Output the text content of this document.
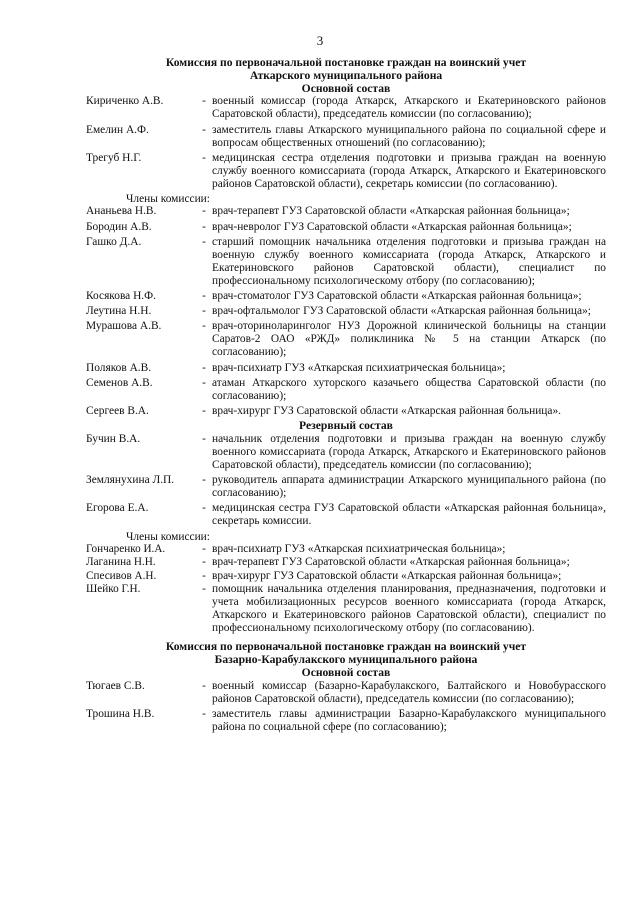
3
Комиссия по первоначальной постановке граждан на воинский учет
Аткарского муниципального района
Основной состав
Кириченко А.В.	- военный комиссар (города Аткарск, Аткарского и Екатериновского районов Саратовской области), председатель комиссии (по согласованию);
Емелин А.Ф.	- заместитель главы Аткарского муниципального района по социальной сфере и вопросам общественных отношений (по согласованию);
Трегуб Н.Г.	- медицинская сестра отделения подготовки и призыва граждан на военную службу военного комиссариата (города Аткарск, Аткарского и Екатериновского районов Саратовской области), секретарь комиссии (по согласованию).
Члены комиссии:
Ананьева Н.В.	- врач-терапевт ГУЗ Саратовской области «Аткарская районная больница»;
Бородин А.В.	- врач-невролог ГУЗ Саратовской области «Аткарская районная больница»;
Гашко Д.А.	- старший помощник начальника отделения подготовки и призыва граждан на военную службу военного комиссариата (города Аткарск, Аткарского и Екатериновского районов Саратовской области), специалист по профессиональному психологическому отбору (по согласованию);
Косякова Н.Ф.	- врач-стоматолог ГУЗ Саратовской области «Аткарская районная больница»;
Леутина Н.Н.	- врач-офтальмолог ГУЗ Саратовской области «Аткарская районная больница»;
Мурашова А.В.	- врач-оториноларинголог НУЗ Дорожной клинической больницы на станции Саратов-2 ОАО «РЖД» поликлиника № 5 на станции Аткарск (по согласованию);
Поляков А.В.	- врач-психиатр ГУЗ «Аткарская психиатрическая больница»;
Семенов А.В.	- атаман Аткарского хуторского казачьего общества Саратовской области (по согласованию);
Сергеев В.А.	- врач-хирург ГУЗ Саратовской области «Аткарская районная больница».
Резервный состав
Бучин В.А.	- начальник отделения подготовки и призыва граждан на военную службу военного комиссариата (города Аткарск, Аткарского и Екатериновского районов Саратовской области), председатель комиссии (по согласованию);
Землянухина Л.П.	- руководитель аппарата администрации Аткарского муниципального района (по согласованию);
Егорова Е.А.	- медицинская сестра ГУЗ Саратовской области «Аткарская районная больница», секретарь комиссии.
Члены комиссии:
Гончаренко И.А.	- врач-психиатр ГУЗ «Аткарская психиатрическая больница»;
Лаганина Н.Н.	- врач-терапевт ГУЗ Саратовской области «Аткарская районная больница»;
Спесивов А.Н.	- врач-хирург ГУЗ Саратовской области «Аткарская районная больница»;
Шейко Г.Н.	- помощник начальника отделения планирования, предназначения, подготовки и учета мобилизационных ресурсов военного комиссариата (города Аткарск, Аткарского и Екатериновского районов Саратовской области), специалист по профессиональному психологическому отбору (по согласованию).
Комиссия по первоначальной постановке граждан на воинский учет
Базарно-Карабулакского муниципального района
Основной состав
Тюгаев С.В.	- военный комиссар (Базарно-Карабулакского, Балтайского и Новобурасского районов Саратовской области), председатель комиссии (по согласованию);
Трошина Н.В.	- заместитель главы администрации Базарно-Карабулакского муниципального района по социальной сфере (по согласованию);
